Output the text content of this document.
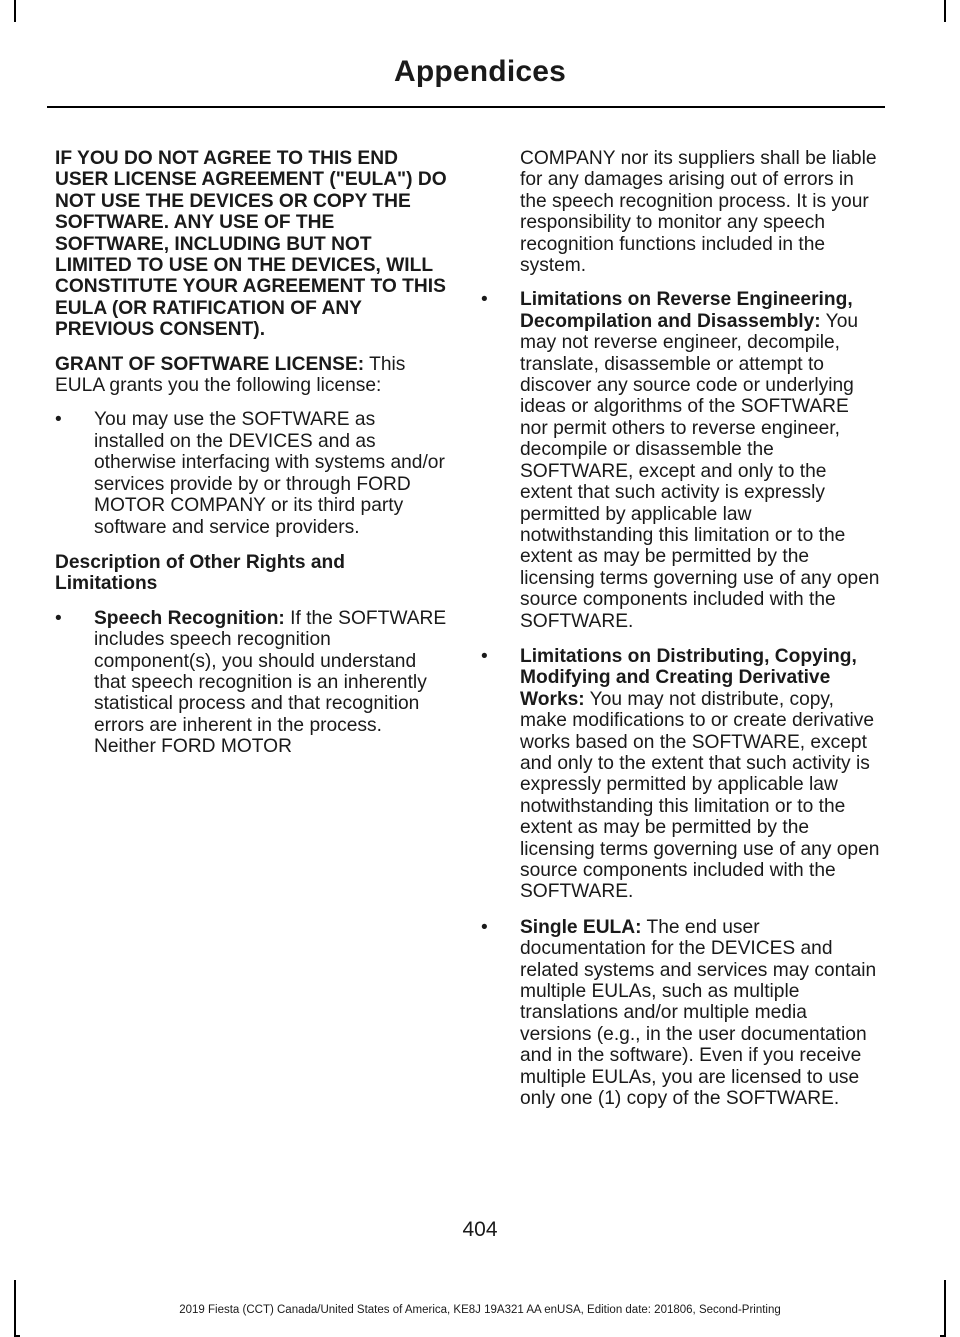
Appendices

IF YOU DO NOT AGREE TO THIS END USER LICENSE AGREEMENT ("EULA") DO NOT USE THE DEVICES OR COPY THE SOFTWARE. ANY USE OF THE SOFTWARE, INCLUDING BUT NOT LIMITED TO USE ON THE DEVICES, WILL CONSTITUTE YOUR AGREEMENT TO THIS EULA (OR RATIFICATION OF ANY PREVIOUS CONSENT).

GRANT OF SOFTWARE LICENSE: This EULA grants you the following license:

• You may use the SOFTWARE as installed on the DEVICES and as otherwise interfacing with systems and/or services provide by or through FORD MOTOR COMPANY or its third party software and service providers.
Description of Other Rights and Limitations
• Speech Recognition: If the SOFTWARE includes speech recognition component(s), you should understand that speech recognition is an inherently statistical process and that recognition errors are inherent in the process. Neither FORD MOTOR

COMPANY nor its suppliers shall be liable for any damages arising out of errors in the speech recognition process. It is your responsibility to monitor any speech recognition functions included in the system.

• Limitations on Reverse Engineering, Decompilation and Disassembly: You may not reverse engineer, decompile, translate, disassemble or attempt to discover any source code or underlying ideas or algorithms of the SOFTWARE nor permit others to reverse engineer, decompile or disassemble the SOFTWARE, except and only to the extent that such activity is expressly permitted by applicable law notwithstanding this limitation or to the extent as may be permitted by the licensing terms governing use of any open source components included with the SOFTWARE.
• Limitations on Distributing, Copying, Modifying and Creating Derivative Works: You may not distribute, copy, make modifications to or create derivative works based on the SOFTWARE, except and only to the extent that such activity is expressly permitted by applicable law notwithstanding this limitation or to the extent as may be permitted by the licensing terms governing use of any open source components included with the SOFTWARE.
• Single EULA: The end user documentation for the DEVICES and related systems and services may contain multiple EULAs, such as multiple translations and/or multiple media versions (e.g., in the user documentation and in the software). Even if you receive multiple EULAs, you are licensed to use only one (1) copy of the SOFTWARE.
404
2019 Fiesta (CCT) Canada/United States of America, KE8J 19A321 AA enUSA, Edition date: 201806, Second-Printing
